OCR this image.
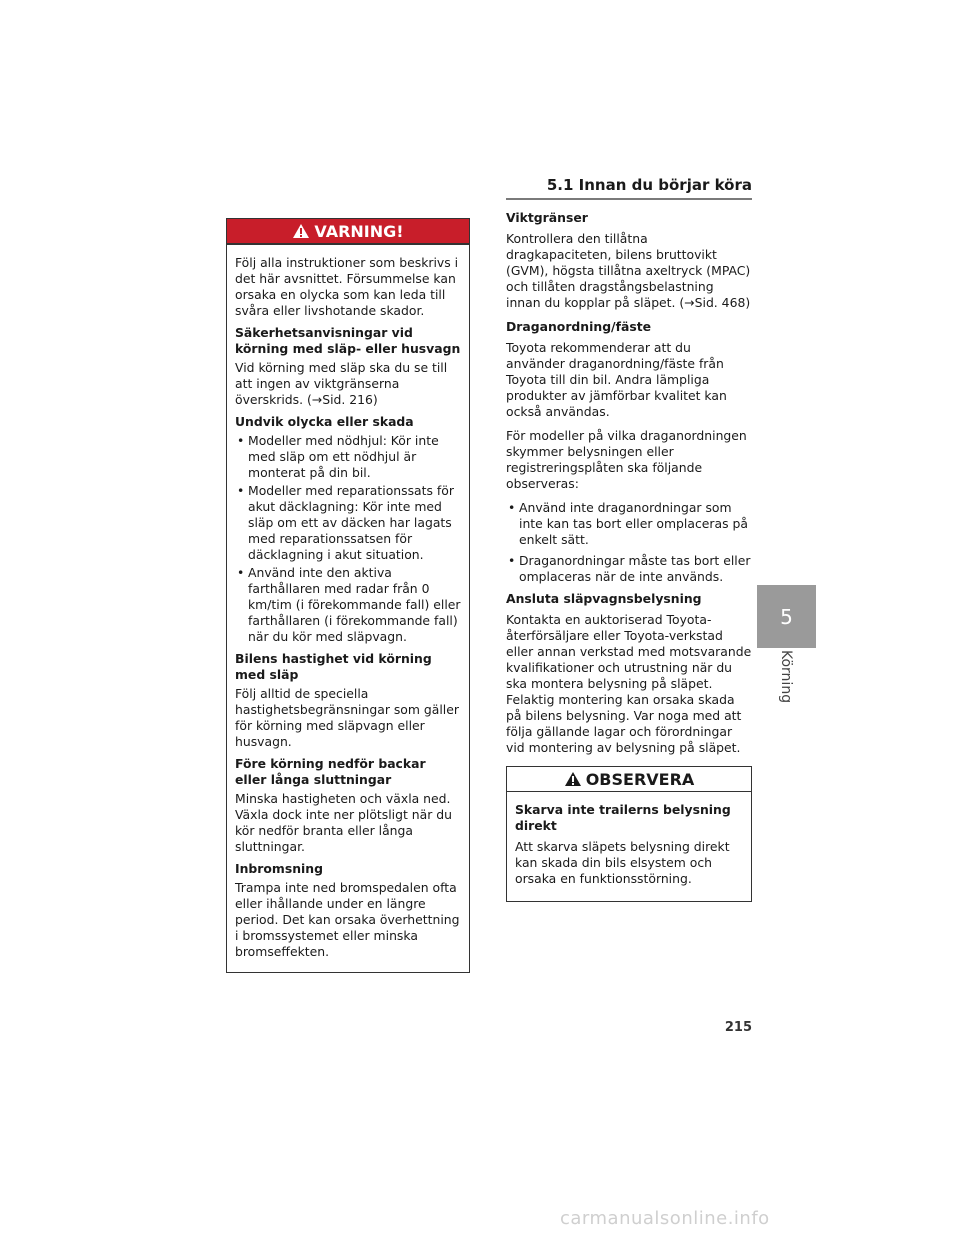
5.1 Innan du börjar köra
5
Körning
VARNING!

Följ alla instruktioner som beskrivs i det här avsnittet. Försummelse kan orsaka en olycka som kan leda till svåra eller livshotande skador.

Säkerhetsanvisningar vid körning med släp- eller husvagn

Vid körning med släp ska du se till att ingen av viktgränserna överskrids. (→Sid. 216)

Undvik olycka eller skada
• Modeller med nödhjul: Kör inte med släp om ett nödhjul är monterat på din bil.
• Modeller med reparationssats för akut däcklagning: Kör inte med släp om ett av däcken har lagats med reparationssatsen för däcklagning i akut situation.
• Använd inte den aktiva farthållaren med radar från 0 km/tim (i förekommande fall) eller farthållaren (i förekommande fall) när du kör med släpvagn.
Bilens hastighet vid körning med släp

Följ alltid de speciella hastighetsbegränsningar som gäller för körning med släpvagn eller husvagn.

Före körning nedför backar eller långa sluttningar

Minska hastigheten och växla ned. Växla dock inte ner plötsligt när du kör nedför branta eller långa sluttningar.

Inbromsning

Trampa inte ned bromspedalen ofta eller ihållande under en längre period. Det kan orsaka överhettning i bromssystemet eller minska bromseffekten.

Viktgränser

Kontrollera den tillåtna dragkapaciteten, bilens bruttovikt (GVM), högsta tillåtna axeltryck (MPAC) och tillåten dragstångsbelastning innan du kopplar på släpet. (→Sid. 468)

Draganordning/fäste

Toyota rekommenderar att du använder draganordning/fäste från Toyota till din bil. Andra lämpliga produkter av jämförbar kvalitet kan också användas.

För modeller på vilka draganordningen skymmer belysningen eller registreringsplåten ska följande observeras:

• Använd inte draganordningar som inte kan tas bort eller omplaceras på enkelt sätt.
• Draganordningar måste tas bort eller omplaceras när de inte används.
Ansluta släpvagnsbelysning

Kontakta en auktoriserad Toyota-återförsäljare eller Toyota-verkstad eller annan verkstad med motsvarande kvalifikationer och utrustning när du ska montera belysning på släpet. Felaktig montering kan orsaka skada på bilens belysning. Var noga med att följa gällande lagar och förordningar vid montering av belysning på släpet.

OBSERVERA
Skarva inte trailerns belysning direkt

Att skarva släpets belysning direkt kan skada din bils elsystem och orsaka en funktionsstörning.

215
carmanualsonline.info
